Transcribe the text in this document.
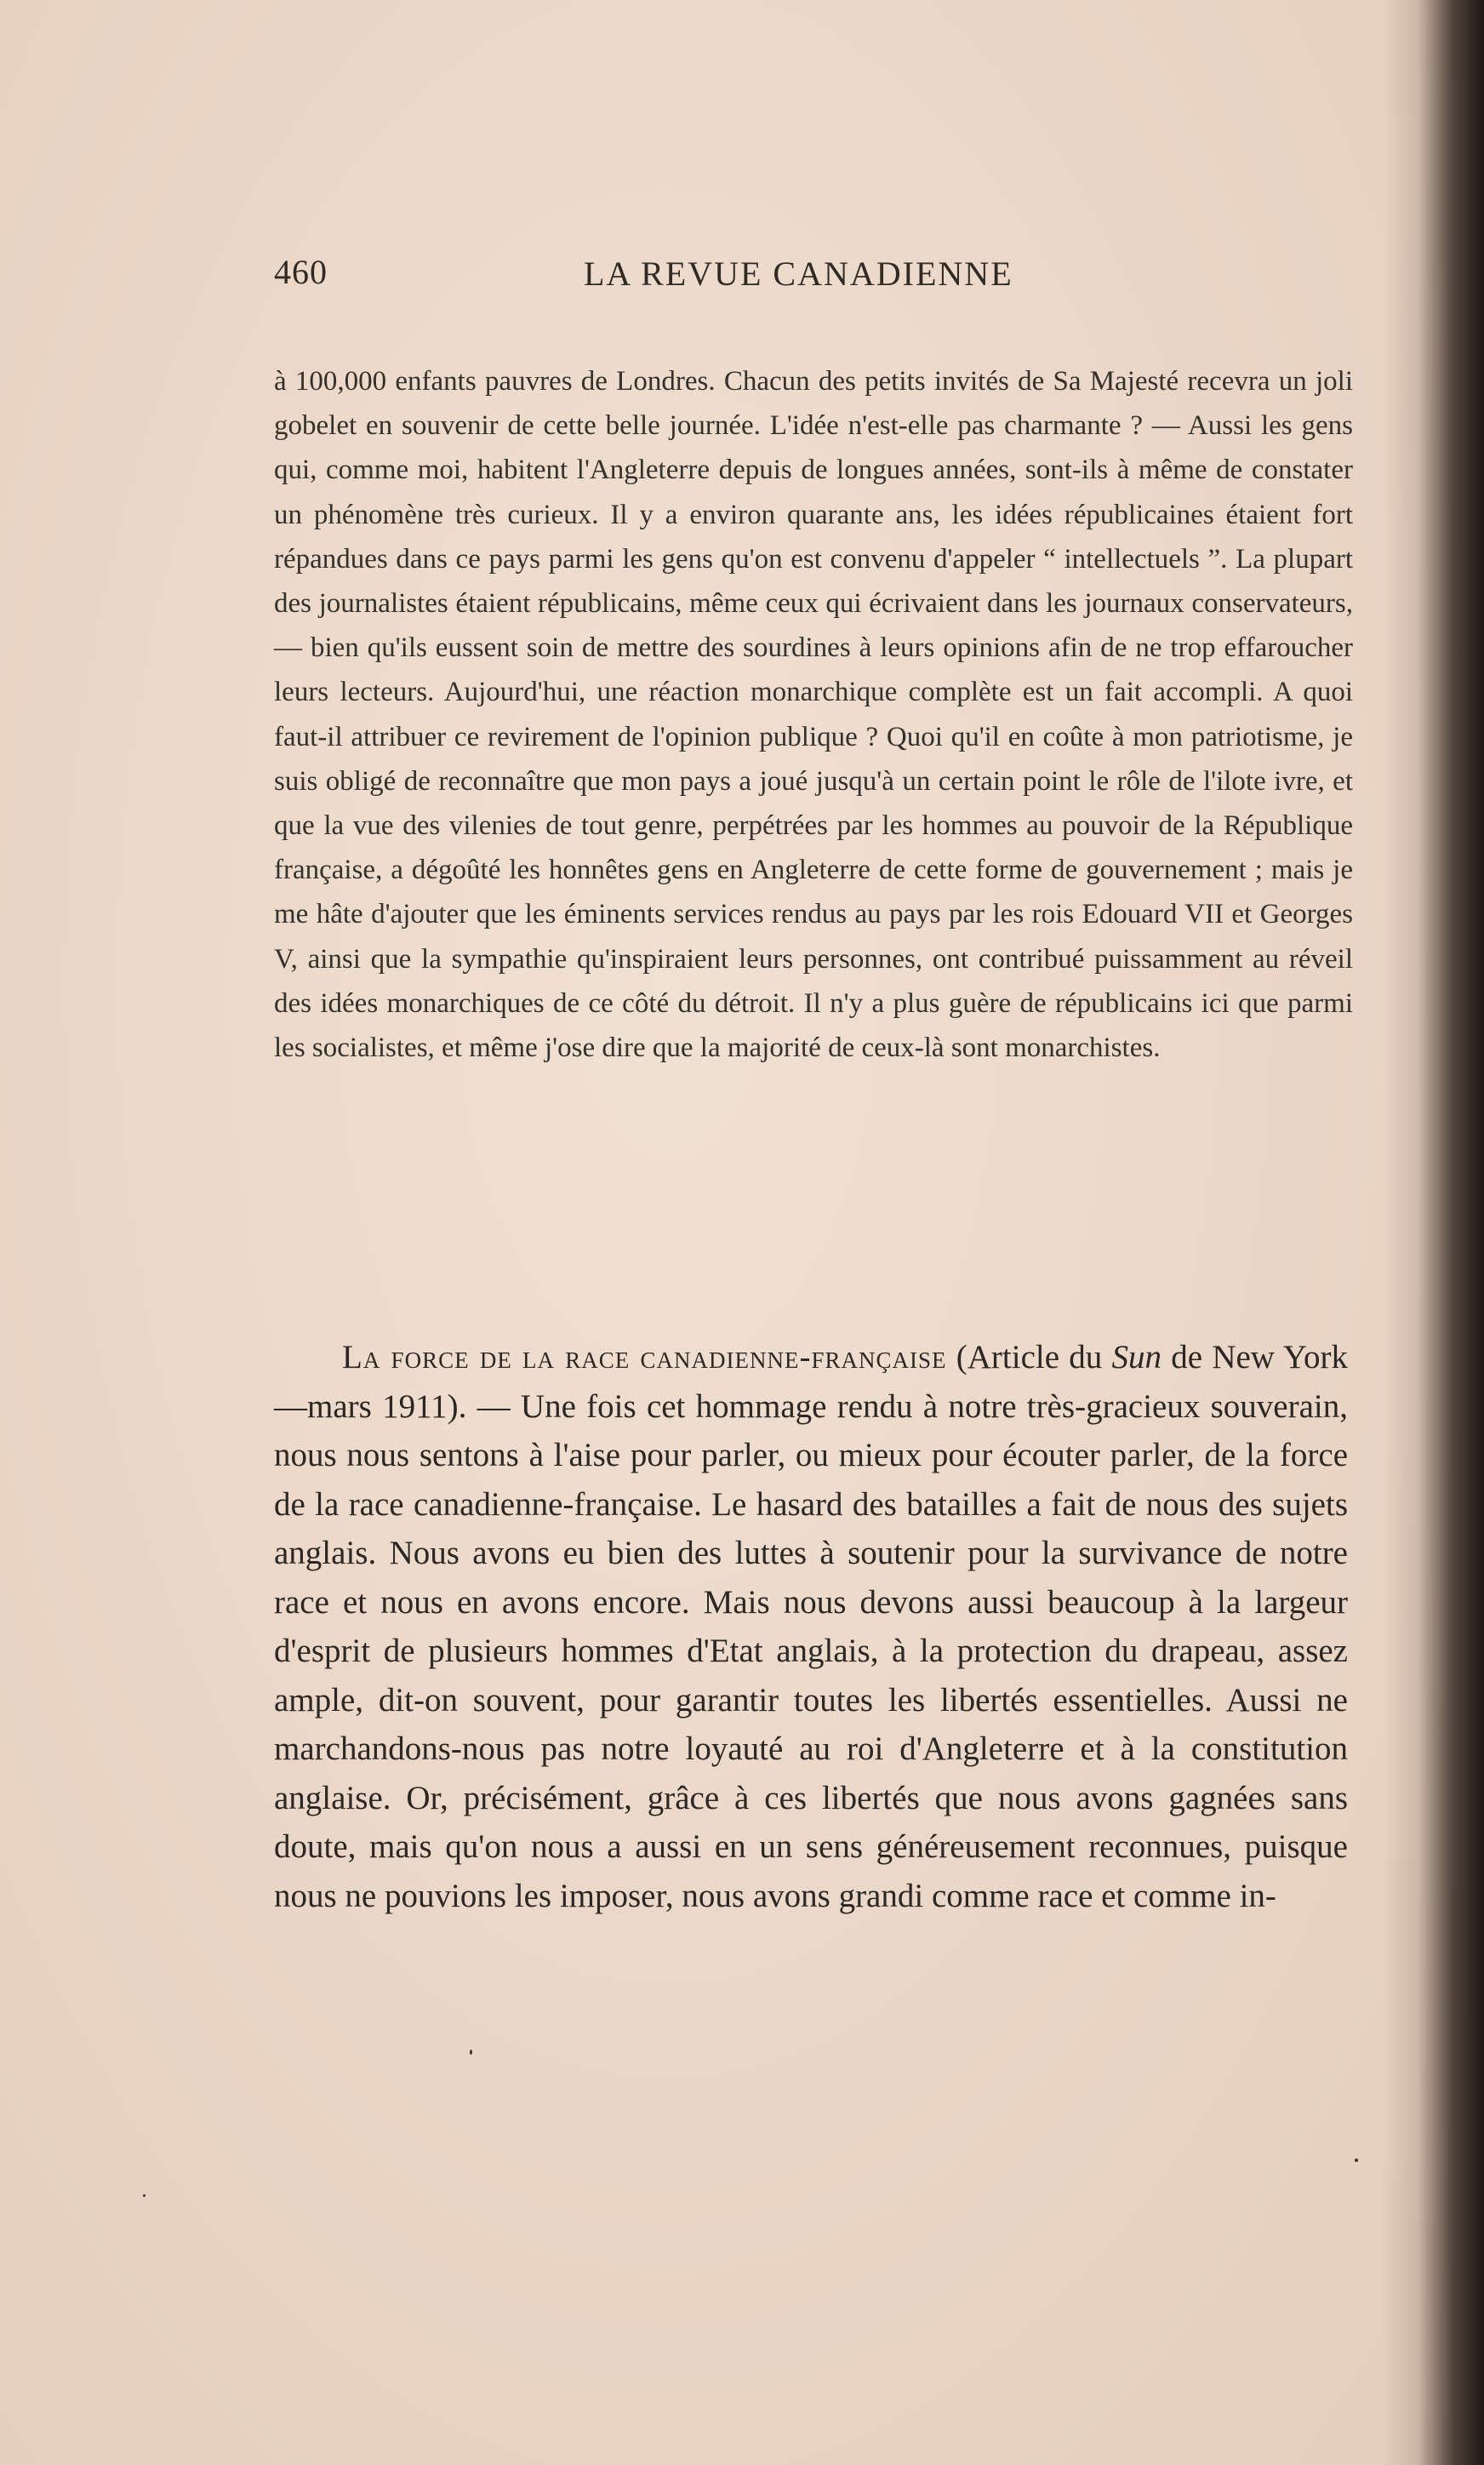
460	LA REVUE CANADIENNE

à 100,000 enfants pauvres de Londres. Chacun des petits invités de Sa Majesté recevra un joli gobelet en souvenir de cette belle journée. L'idée n'est-elle pas charmante ? — Aussi les gens qui, comme moi, habitent l'Angleterre depuis de longues années, sont-ils à même de constater un phénomène très curieux. Il y a environ quarante ans, les idées républicaines étaient fort répandues dans ce pays parmi les gens qu'on est convenu d'appeler “ intellectuels ”. La plupart des journalistes étaient républicains, même ceux qui écrivaient dans les journaux conservateurs, — bien qu'ils eussent soin de mettre des sourdines à leurs opinions afin de ne trop effaroucher leurs lecteurs. Aujourd'hui, une réaction monarchique complète est un fait accompli. A quoi faut-il attribuer ce revirement de l'opinion publique ? Quoi qu'il en coûte à mon patriotisme, je suis obligé de reconnaître que mon pays a joué jusqu'à un certain point le rôle de l'ilote ivre, et que la vue des vilenies de tout genre, perpétrées par les hommes au pouvoir de la République française, a dégoûté les honnêtes gens en Angleterre de cette forme de gouvernement ; mais je me hâte d'ajouter que les éminents services rendus au pays par les rois Edouard VII et Georges V, ainsi que la sympathie qu'inspiraient leurs personnes, ont contribué puissamment au réveil des idées monarchiques de ce côté du détroit. Il n'y a plus guère de républicains ici que parmi les socialistes, et même j'ose dire que la majorité de ceux-là sont monarchistes.

La force de la race canadienne-française (Article du Sun de New York—mars 1911). — Une fois cet hommage rendu à notre très-gracieux souverain, nous nous sentons à l'aise pour parler, ou mieux pour écouter parler, de la force de la race canadienne-française. Le hasard des batailles a fait de nous des sujets anglais. Nous avons eu bien des luttes à soutenir pour la survivance de notre race et nous en avons encore. Mais nous devons aussi beaucoup à la largeur d'esprit de plusieurs hommes d'Etat anglais, à la protection du drapeau, assez ample, dit-on souvent, pour garantir toutes les libertés essentielles. Aussi ne marchandons-nous pas notre loyauté au roi d'Angleterre et à la constitution anglaise. Or, précisément, grâce à ces libertés que nous avons gagnées sans doute, mais qu'on nous a aussi en un sens généreusement reconnues, puisque nous ne pouvions les imposer, nous avons grandi comme race et comme in-
